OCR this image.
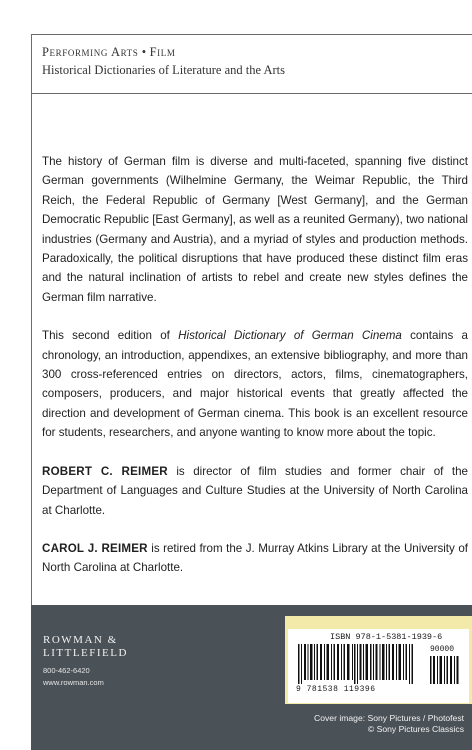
Performing Arts • Film
Historical Dictionaries of Literature and the Arts

The history of German film is diverse and multi-faceted, spanning five distinct German governments (Wilhelmine Germany, the Weimar Republic, the Third Reich, the Federal Republic of Germany [West Germany], and the German Democratic Republic [East Germany], as well as a reunited Germany), two national industries (Germany and Austria), and a myriad of styles and production methods. Paradoxically, the political disruptions that have produced these distinct film eras and the natural inclination of artists to rebel and create new styles defines the German film narrative.

This second edition of Historical Dictionary of German Cinema contains a chronology, an introduction, appendixes, an extensive bibliography, and more than 300 cross-referenced entries on directors, actors, films, cinematographers, composers, producers, and major historical events that greatly affected the direction and development of German cinema. This book is an excellent resource for students, researchers, and anyone wanting to know more about the topic.

ROBERT C. REIMER is director of film studies and former chair of the Department of Languages and Culture Studies at the University of North Carolina at Charlotte.

CAROL J. REIMER is retired from the J. Murray Atkins Library at the University of North Carolina at Charlotte.

ROWMAN &
LITTLEFIELD
800-462-6420
www.rowman.com
ISBN 978-1-5381-1939-6
90000
9 781538 119396
Cover image: Sony Pictures / Photofest
© Sony Pictures Classics
